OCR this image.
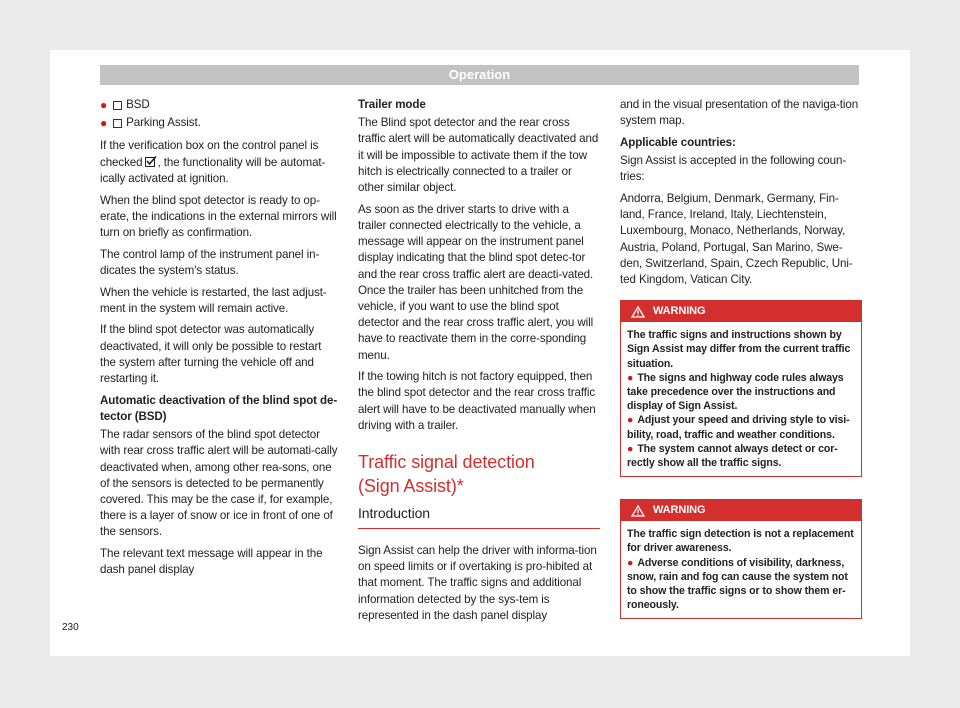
Operation
● BSD
● Parking Assist.

If the verification box on the control panel is checked , the functionality will be automat-ically activated at ignition.

When the blind spot detector is ready to op-erate, the indications in the external mirrors will turn on briefly as confirmation.

The control lamp of the instrument panel in-dicates the system's status.

When the vehicle is restarted, the last adjust-ment in the system will remain active.

If the blind spot detector was automatically deactivated, it will only be possible to restart the system after turning the vehicle off and restarting it.

Automatic deactivation of the blind spot de-tector (BSD)

The radar sensors of the blind spot detector with rear cross traffic alert will be automati-cally deactivated when, among other rea-sons, one of the sensors is detected to be permanently covered. This may be the case if, for example, there is a layer of snow or ice in front of one of the sensors.

The relevant text message will appear in the dash panel display

Trailer mode

The Blind spot detector and the rear cross traffic alert will be automatically deactivated and it will be impossible to activate them if the tow hitch is electrically connected to a trailer or other similar object.

As soon as the driver starts to drive with a trailer connected electrically to the vehicle, a message will appear on the instrument panel display indicating that the blind spot detec-tor and the rear cross traffic alert are deacti-vated. Once the trailer has been unhitched from the vehicle, if you want to use the blind spot detector and the rear cross traffic alert, you will have to reactivate them in the corre-sponding menu.

If the towing hitch is not factory equipped, then the blind spot detector and the rear cross traffic alert will have to be deactivated manually when driving with a trailer.

Traffic signal detection
(Sign Assist)*
Introduction

Sign Assist can help the driver with informa-tion on speed limits or if overtaking is pro-hibited at that moment. The traffic signs and additional information detected by the sys-tem is represented in the dash panel display

and in the visual presentation of the naviga-tion system map.

Applicable countries:

Sign Assist is accepted in the following coun-tries:

Andorra, Belgium, Denmark, Germany, Fin-land, France, Ireland, Italy, Liechtenstein, Luxembourg, Monaco, Netherlands, Norway, Austria, Poland, Portugal, San Marino, Swe-den, Switzerland, Spain, Czech Republic, Uni-ted Kingdom, Vatican City.

WARNING

The traffic signs and instructions shown by Sign Assist may differ from the current traffic situation.

● The signs and highway code rules always take precedence over the instructions and display of Sign Assist.

● Adjust your speed and driving style to visi-bility, road, traffic and weather conditions.

● The system cannot always detect or cor-rectly show all the traffic signs.

WARNING

The traffic sign detection is not a replacement for driver awareness.

● Adverse conditions of visibility, darkness, snow, rain and fog can cause the system not to show the traffic signs or to show them er-roneously.

230
